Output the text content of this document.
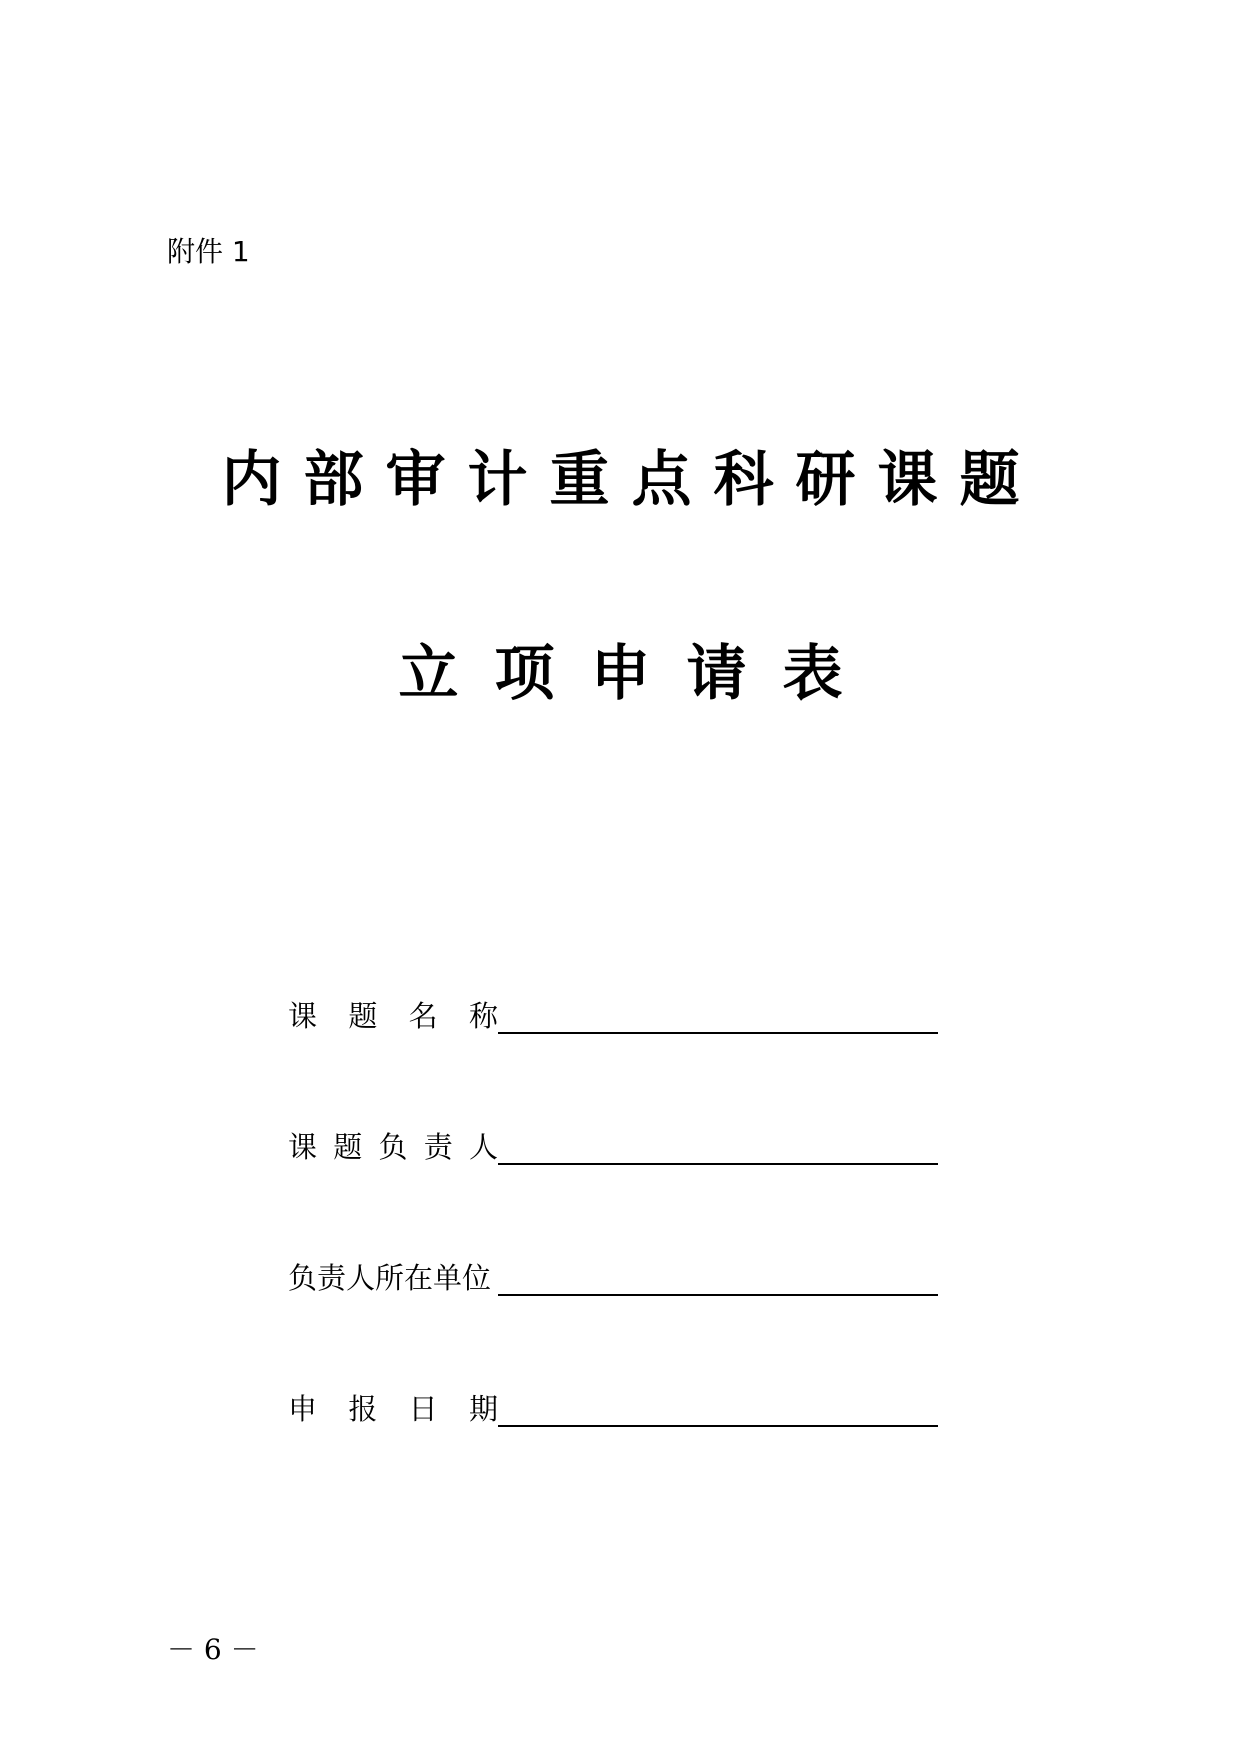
附件 1
内部审计重点科研课题
立项申请表
课 题 名 称
课 题 负 责 人
负责人所在单位
申 报 日 期
－ 6 －
